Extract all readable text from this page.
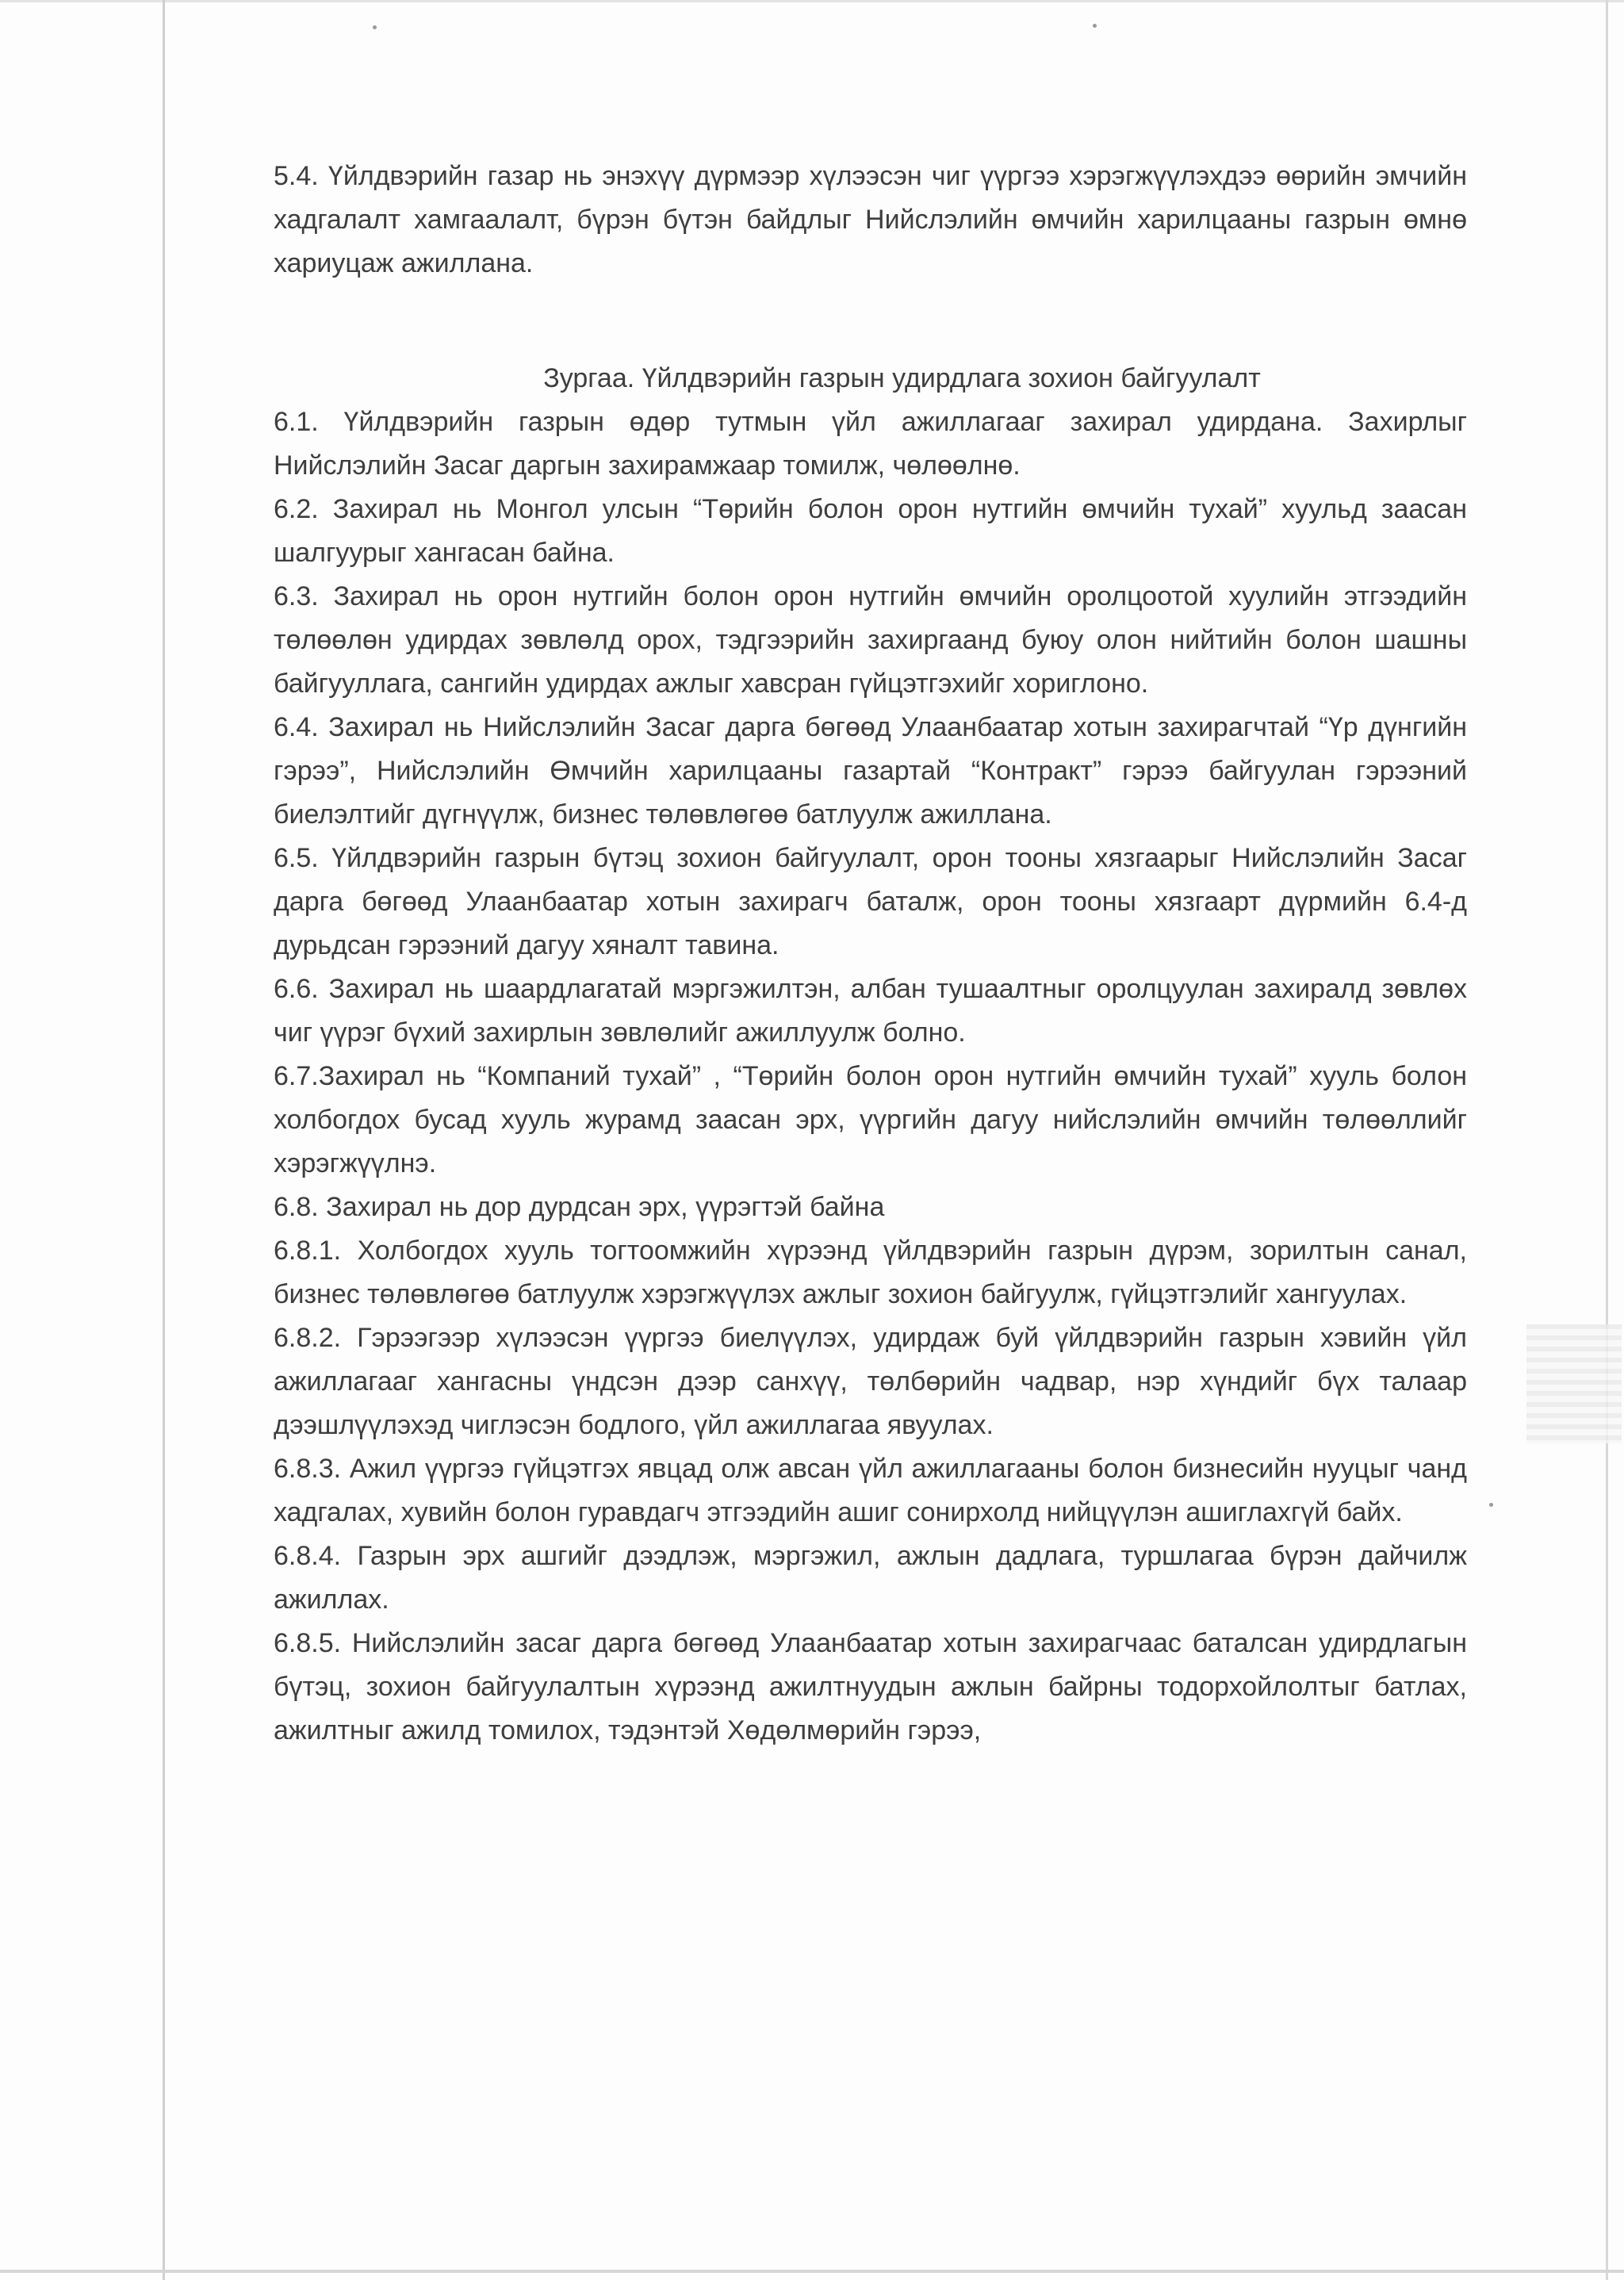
5.4. Үйлдвэрийн газар нь энэхүү дүрмээр хүлээсэн чиг үүргээ хэрэгжүүлэхдээ өөрийн эмчийн хадгалалт хамгаалалт, бүрэн бүтэн байдлыг Нийслэлийн өмчийн харилцааны газрын өмнө хариуцаж ажиллана.

Зургаа. Үйлдвэрийн газрын удирдлага зохион байгуулалт

6.1. Үйлдвэрийн газрын өдөр тутмын үйл ажиллагааг захирал удирдана. Захирлыг Нийслэлийн Засаг даргын захирамжаар томилж, чөлөөлнө.

6.2. Захирал нь Монгол улсын “Төрийн болон орон нутгийн өмчийн тухай” хуульд заасан шалгуурыг хангасан байна.

6.3. Захирал нь орон нутгийн болон орон нутгийн өмчийн оролцоотой хуулийн этгээдийн төлөөлөн удирдах зөвлөлд орох, тэдгээрийн захиргаанд буюу олон нийтийн болон шашны байгууллага, сангийн удирдах ажлыг хавсран гүйцэтгэхийг хориглоно.

6.4. Захирал нь Нийслэлийн Засаг дарга бөгөөд Улаанбаатар хотын захирагчтай “Үр дүнгийн гэрээ”, Нийслэлийн Өмчийн харилцааны газартай “Контракт” гэрээ байгуулан гэрээний биелэлтийг дүгнүүлж, бизнес төлөвлөгөө батлуулж ажиллана.

6.5. Үйлдвэрийн газрын бүтэц зохион байгуулалт, орон тооны хязгаарыг Нийслэлийн Засаг дарга бөгөөд Улаанбаатар хотын захирагч баталж, орон тооны хязгаарт дүрмийн 6.4-д дурьдсан гэрээний дагуу хяналт тавина.

6.6. Захирал нь шаардлагатай мэргэжилтэн, албан тушаалтныг оролцуулан захиралд зөвлөх чиг үүрэг бүхий захирлын зөвлөлийг ажиллуулж болно.

6.7.Захирал нь “Компаний тухай” , “Төрийн болон орон нутгийн өмчийн тухай” хууль болон холбогдох бусад хууль журамд заасан эрх, үүргийн дагуу нийслэлийн өмчийн төлөөллийг хэрэгжүүлнэ.

6.8. Захирал нь дор дурдсан эрх, үүрэгтэй байна

6.8.1. Холбогдох хууль тогтоомжийн хүрээнд үйлдвэрийн газрын дүрэм, зорилтын санал, бизнес төлөвлөгөө батлуулж хэрэгжүүлэх ажлыг зохион байгуулж, гүйцэтгэлийг хангуулах.

6.8.2. Гэрээгээр хүлээсэн үүргээ биелүүлэх, удирдаж буй үйлдвэрийн газрын хэвийн үйл ажиллагааг хангасны үндсэн дээр санхүү, төлбөрийн чадвар, нэр хүндийг бүх талаар дээшлүүлэхэд чиглэсэн бодлого, үйл ажиллагаа явуулах.

6.8.3. Ажил үүргээ гүйцэтгэх явцад олж авсан үйл ажиллагааны болон бизнесийн нууцыг чанд хадгалах, хувийн болон гуравдагч этгээдийн ашиг сонирхолд нийцүүлэн ашиглахгүй байх.

6.8.4. Газрын эрх ашгийг дээдлэж, мэргэжил, ажлын дадлага, туршлагаа бүрэн дайчилж ажиллах.

6.8.5. Нийслэлийн засаг дарга бөгөөд Улаанбаатар хотын захирагчаас баталсан удирдлагын бүтэц, зохион байгуулалтын хүрээнд ажилтнуудын ажлын байрны тодорхойлолтыг батлах, ажилтныг ажилд томилох, тэдэнтэй Хөдөлмөрийн гэрээ,
